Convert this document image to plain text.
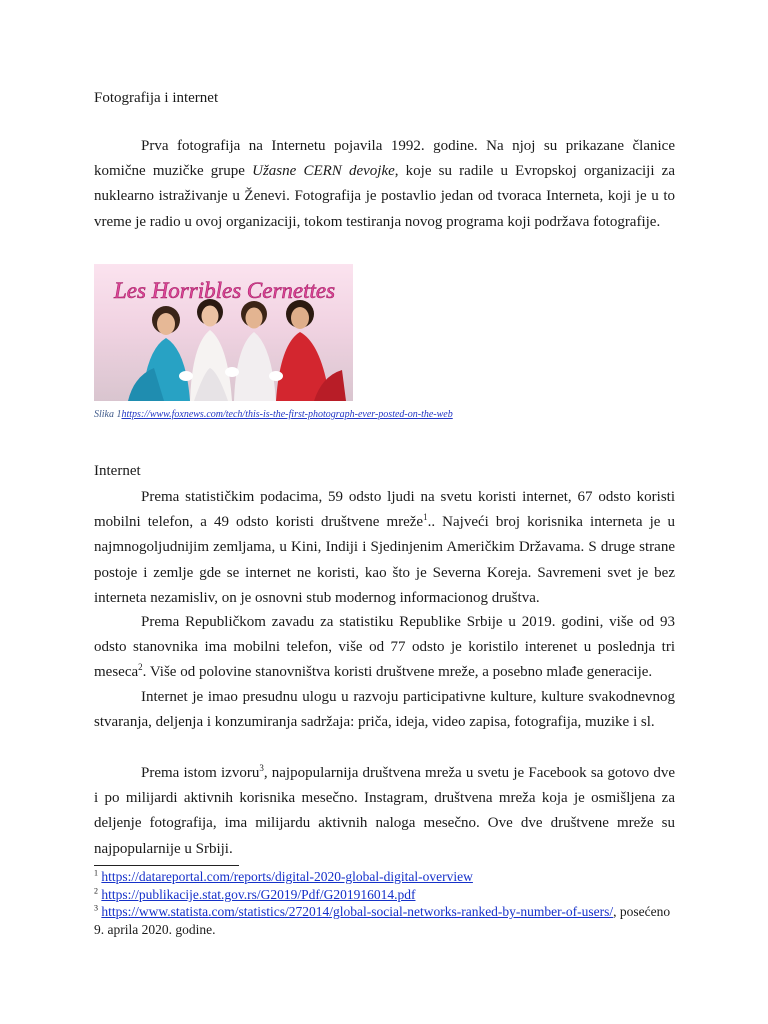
Fotografija i internet

Prva fotografija na Internetu pojavila 1992. godine. Na njoj su prikazane članice komične muzičke grupe Užasne CERN devojke, koje su radile u Evropskoj organizaciji za nuklearno istraživanje u Ženevi. Fotografija je postavlio jedan od tvoraca Interneta, koji je u to vreme je radio u ovoj organizaciji, tokom testiranja novog programa koji podržava fotografije.

Les Horribles Cernettes
Slika 1https://www.foxnews.com/tech/this-is-the-first-photograph-ever-posted-on-the-web
Internet

Prema statističkim podacima, 59 odsto ljudi na svetu koristi internet, 67 odsto koristi mobilni telefon, a 49 odsto koristi društvene mreže$^1$.. Najveći broj korisnika interneta je u najmnogoljudnijim zemljama, u Kini, Indiji i Sjedinjenim Američkim Državama. S druge strane postoje i zemlje gde se internet ne koristi, kao što je Severna Koreja. Savremeni svet je bez interneta nezamisliv, on je osnovni stub modernog informacionog društva.

Prema Republičkom zavadu za statistiku Republike Srbije u 2019. godini, više od 93 odsto stanovnika ima mobilni telefon, više od 77 odsto je koristilo interenet u poslednja tri meseca$^2$. Više od polovine stanovništva koristi društvene mreže, a posebno mlađe generacije.

Internet je imao presudnu ulogu u razvoju participativne kulture, kulture svakodnevnog stvaranja, deljenja i konzumiranja sadržaja: priča, ideja, video zapisa, fotografija, muzike i sl.

Prema istom izvoru$^3$, najpopularnija društvena mreža u svetu je Facebook sa gotovo dve i po milijardi aktivnih korisnika mesečno. Instagram, društvena mreža koja je osmišljena za deljenje fotografija, ima milijardu aktivnih naloga mesečno. Ove dve društvene mreže su najpopularnije u Srbiji.

$^1$ https://datareportal.com/reports/digital-2020-global-digital-overview

$^2$ https://publikacije.stat.gov.rs/G2019/Pdf/G201916014.pdf

$^3$ https://www.statista.com/statistics/272014/global-social-networks-ranked-by-number-of-users/, posećeno 9. aprila 2020. godine.
